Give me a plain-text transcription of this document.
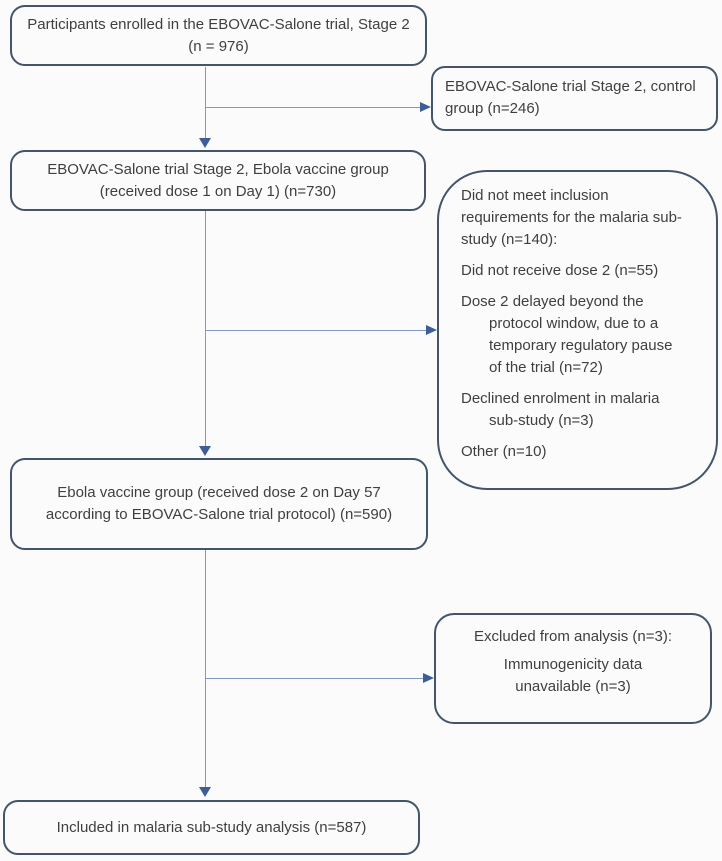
Participants enrolled in the EBOVAC-Salone trial, Stage 2
(n = 976)
EBOVAC-Salone trial Stage 2, control
group (n=246)
EBOVAC-Salone trial Stage 2, Ebola vaccine group
(received dose 1 on Day 1) (n=730)	Did not meet inclusion
requirements for the malaria sub-
study (n=140):
Did not receive dose 2 (n=55)
Dose 2 delayed beyond the
protocol window, due to a
temporary regulatory pause
of the trial (n=72)
Declined enrolment in malaria
sub-study (n=3)
Other (n=10)
Ebola vaccine group (received dose 2 on Day 57
according to EBOVAC-Salone trial protocol) (n=590)
Excluded from analysis (n=3):
Immunogenicity data
unavailable (n=3)
Included in malaria sub-study analysis (n=587)
